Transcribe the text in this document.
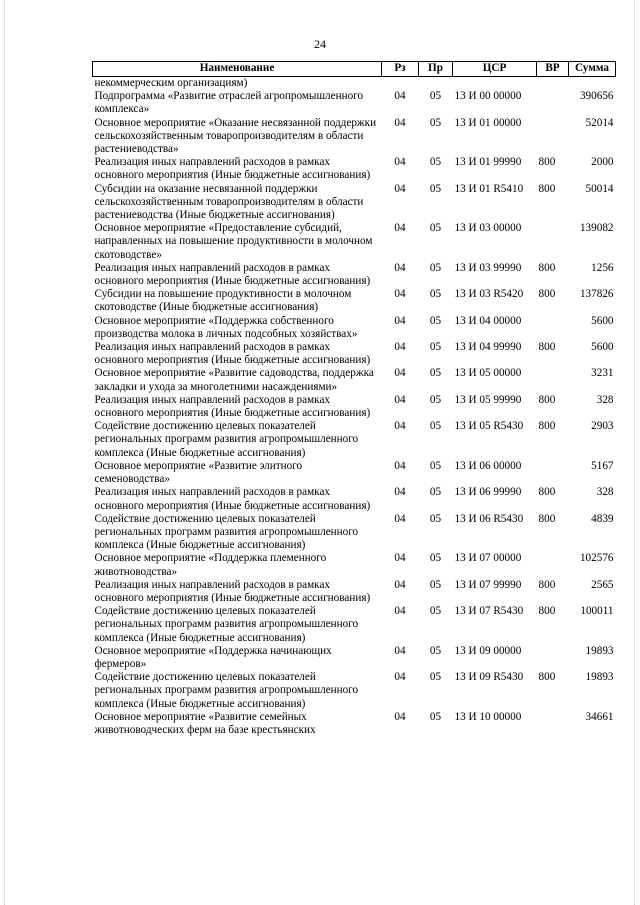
24
Наименование	Рз	Пр	ЦСР	ВР	Сумма
некоммерческим организациям)					
Подпрограмма «Развитие отраслей агропромышленного комплекса»	04	05	13 И 00 00000		390656
Основное мероприятие «Оказание несвязанной поддержки сельскохозяйственным товаропроизводителям в области растениеводства»	04	05	13 И 01 00000		52014
Реализация иных направлений расходов в рамках основного мероприятия (Иные бюджетные ассигнования)	04	05	13 И 01 99990	800	2000
Субсидии на оказание несвязанной поддержки сельскохозяйственным товаропроизводителям в области растениеводства (Иные бюджетные ассигнования)	04	05	13 И 01 R5410	800	50014
Основное мероприятие «Предоставление субсидий, направленных на повышение продуктивности в молочном скотоводстве»	04	05	13 И 03 00000		139082
Реализация иных направлений расходов в рамках основного мероприятия (Иные бюджетные ассигнования)	04	05	13 И 03 99990	800	1256
Субсидии на повышение продуктивности в молочном скотоводстве (Иные бюджетные ассигнования)	04	05	13 И 03 R5420	800	137826
Основное мероприятие «Поддержка собственного производства молока в личных подсобных хозяйствах»	04	05	13 И 04 00000		5600
Реализация иных направлений расходов в рамках основного мероприятия (Иные бюджетные ассигнования)	04	05	13 И 04 99990	800	5600
Основное мероприятие «Развитие садоводства, поддержка закладки и ухода за многолетними насаждениями»	04	05	13 И 05 00000		3231
Реализация иных направлений расходов в рамках основного мероприятия (Иные бюджетные ассигнования)	04	05	13 И 05 99990	800	328
Содействие достижению целевых показателей региональных программ развития агропромышленного комплекса (Иные бюджетные ассигнования)	04	05	13 И 05 R5430	800	2903
Основное мероприятие «Развитие элитного семеноводства»	04	05	13 И 06 00000		5167
Реализация иных направлений расходов в рамках основного мероприятия (Иные бюджетные ассигнования)	04	05	13 И 06 99990	800	328
Содействие достижению целевых показателей региональных программ развития агропромышленного комплекса (Иные бюджетные ассигнования)	04	05	13 И 06 R5430	800	4839
Основное мероприятие «Поддержка племенного животноводства»	04	05	13 И 07 00000		102576
Реализация иных направлений расходов в рамках основного мероприятия (Иные бюджетные ассигнования)	04	05	13 И 07 99990	800	2565
Содействие достижению целевых показателей региональных программ развития агропромышленного комплекса (Иные бюджетные ассигнования)	04	05	13 И 07 R5430	800	100011
Основное мероприятие «Поддержка начинающих фермеров»	04	05	13 И 09 00000		19893
Содействие достижению целевых показателей региональных программ развития агропромышленного комплекса (Иные бюджетные ассигнования)	04	05	13 И 09 R5430	800	19893
Основное мероприятие «Развитие семейных животноводческих ферм на базе крестьянских	04	05	13 И 10 00000		34661
